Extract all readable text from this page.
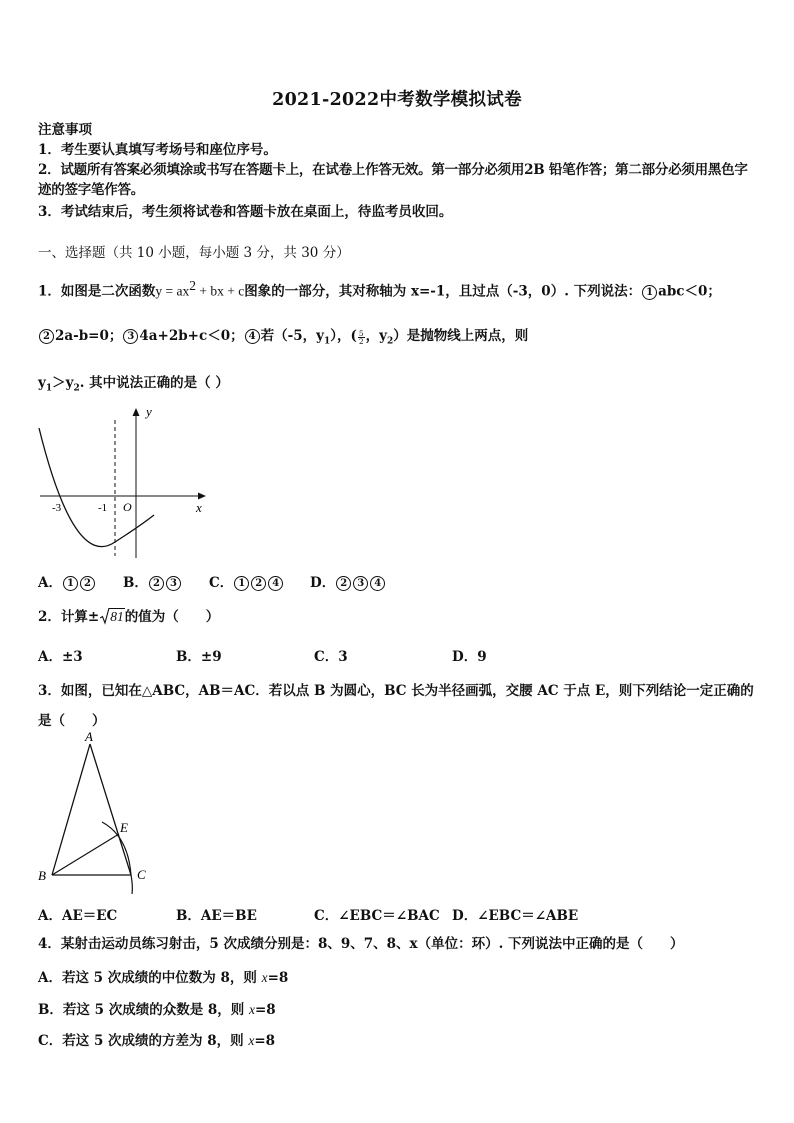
2021-2022中考数学模拟试卷
注意事项
1．考生要认真填写考场号和座位序号。
2．试题所有答案必须填涂或书写在答题卡上，在试卷上作答无效。第一部分必须用2B 铅笔作答；第二部分必须用黑色字迹的签字笔作答。
3．考试结束后，考生须将试卷和答题卡放在桌面上，待监考员收回。
一、选择题（共 10 小题，每小题 3 分，共 30 分）
1．如图是二次函数$y = ax^2$ + bx + c图象的一部分，其对称轴为 x=-1，且过点（-3，0）. 下列说法： 1 abc＜0；
2 2a-b=0； 3 4a+2b+c＜0； 4 若（-5，$y_1$），( $\frac{5}{2}$ ，$y_2$）是抛物线上两点，则
$y_1>y_2$. 其中说法正确的是（ ）
y
x
O
-3	-1
A． 1 2	B． 2 3	C． 1 2 4	D． 2 3 4
2．计算± 81的值为（　　）
A．±3	B．±9	C．3	D．9
3．如图，已知在△ABC，AB＝AC．若以点 B 为圆心，BC 长为半径画弧，交腰 AC 于点 E，则下列结论一定正确的是（　　）
A
B	C
E
A．AE＝EC	B．AE＝BE	C．∠EBC＝∠BAC D．∠EBC＝∠ABE
4．某射击运动员练习射击，5 次成绩分别是：8、9、7、8、x（单位：环）. 下列说法中正确的是（　　）
A．若这 5 次成绩的中位数为 8，则 x=8
B．若这 5 次成绩的众数是 8，则 x=8
C．若这 5 次成绩的方差为 8，则 x=8
